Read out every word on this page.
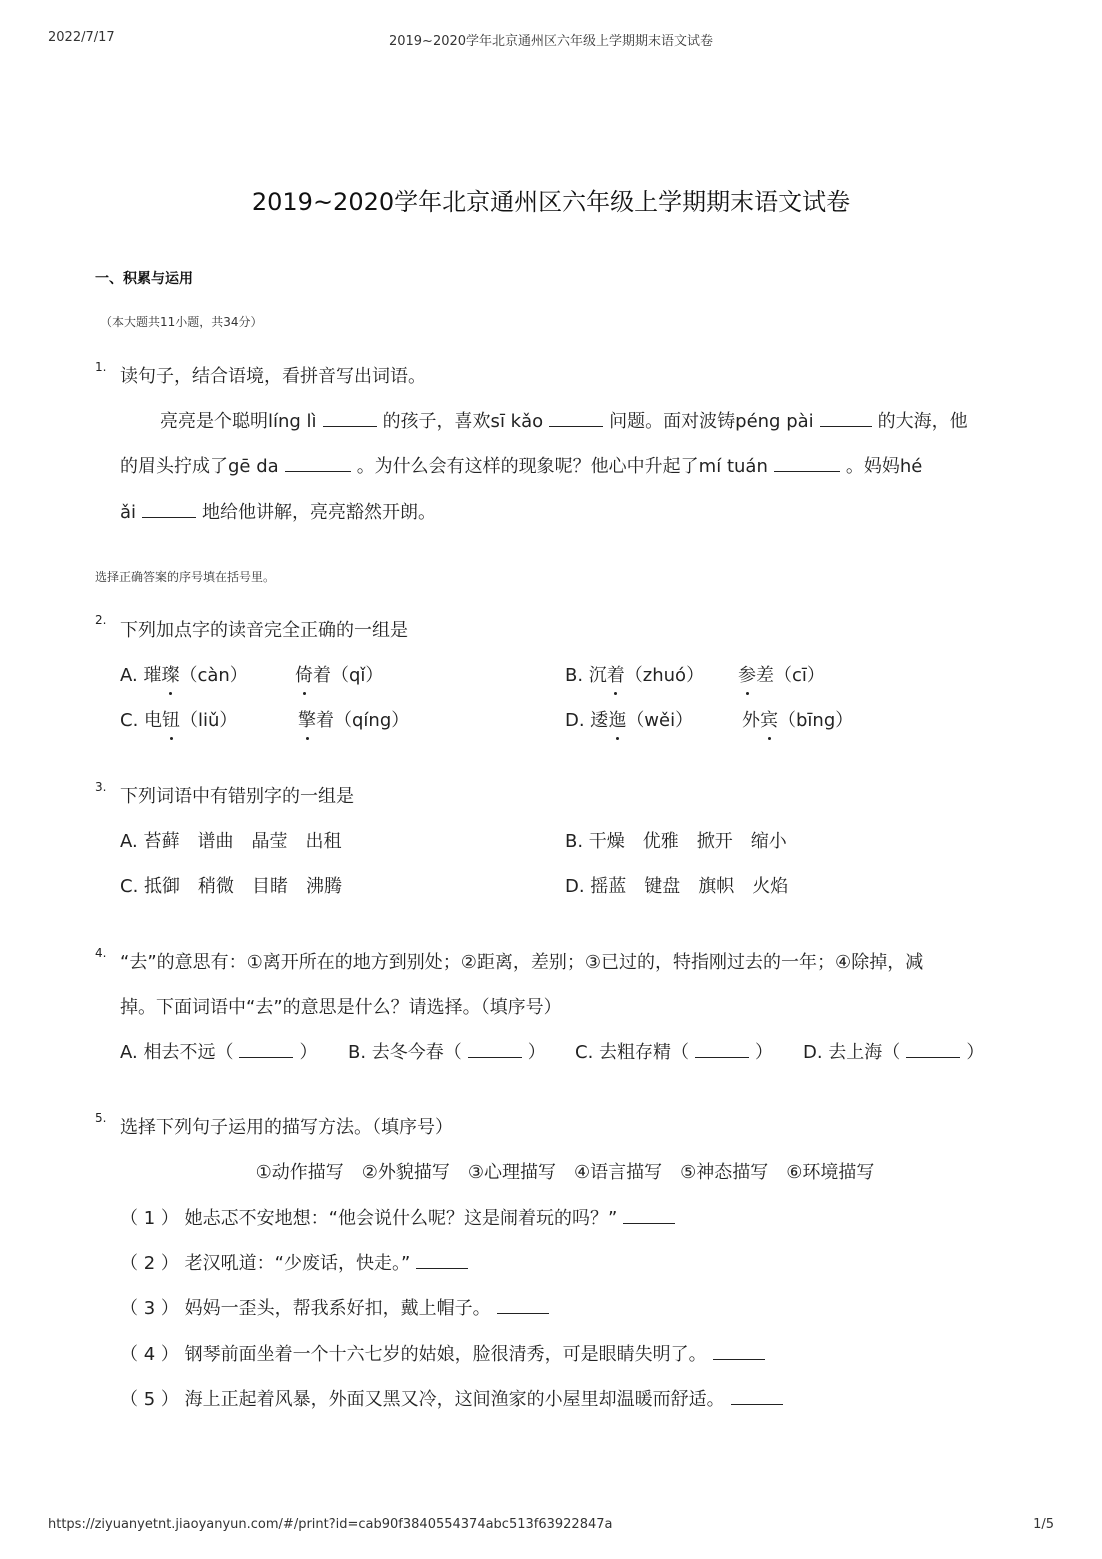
2022/7/17	2019~2020学年北京通州区六年级上学期期末语文试卷
2019~2020学年北京通州区六年级上学期期末语文试卷
一、积累与运用
（本大题共11小题，共34分）
1. 读句子，结合语境，看拼音写出词语。
亮亮是个聪明líng lì	的孩子，喜欢sī kǎo	问题。面对波铸péng pài	的大海，他
的眉头拧成了gē da	。为什么会有这样的现象呢？他心中升起了mí tuán	。妈妈hé
ǎi	地给他讲解，亮亮豁然开朗。
选择正确答案的序号填在括号里。
2. 下列加点字的读音完全正确的一组是
A. 璀璨（càn）	倚着（qǐ）	B. 沉着（zhuó） 参差（cī）
C. 电钮（liǔ）	擎着（qíng）	D. 逶迤（wěi）	外宾（bīng）
3. 下列词语中有错别字的一组是
A. 苔藓　谱曲　晶莹　出租	B. 干燥　优雅　掀开　缩小
C. 抵御　稍微　目睹　沸腾	D. 摇蓝　键盘　旗帜　火焰
4. “去”的意思有：①离开所在的地方到别处；②距离，差别；③已过的，特指刚过去的一年；④除掉，减
掉。下面词语中“去”的意思是什么？请选择。（填序号）
A. 相去不远（	） B. 去冬今春（	） C. 去粗存精（	） D. 去上海（	）
5. 选择下列句子运用的描写方法。（填序号）
①动作描写　②外貌描写　③心理描写　④语言描写　⑤神态描写　⑥环境描写
（ 1 ） 她忐忑不安地想：“他会说什么呢？这是闹着玩的吗？”
（ 2 ） 老汉吼道：“少废话，快走。”
（ 3 ） 妈妈一歪头，帮我系好扣，戴上帽子。
（ 4 ） 钢琴前面坐着一个十六七岁的姑娘，脸很清秀，可是眼睛失明了。
（ 5 ） 海上正起着风暴，外面又黑又冷，这间渔家的小屋里却温暖而舒适。
https://ziyuanyetnt.jiaoyanyun.com/#/print?id=cab90f3840554374abc513f63922847a	1/5
